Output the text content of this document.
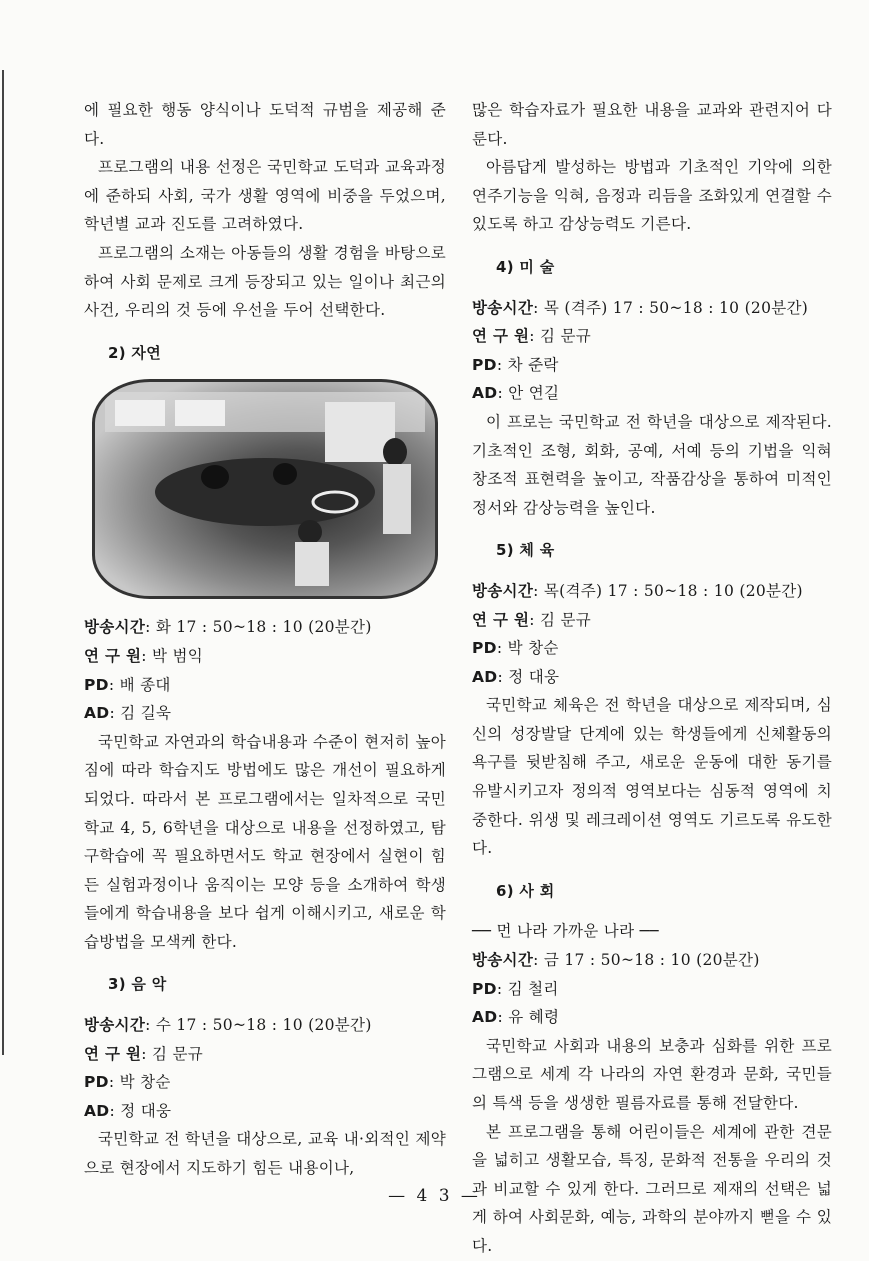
에 필요한 행동 양식이나 도덕적 규범을 제공해 준다.

프로그램의 내용 선정은 국민학교 도덕과 교육과정에 준하되 사회, 국가 생활 영역에 비중을 두었으며, 학년별 교과 진도를 고려하였다.

프로그램의 소재는 아동들의 생활 경험을 바탕으로 하여 사회 문제로 크게 등장되고 있는 일이나 최근의 사건, 우리의 것 등에 우선을 두어 선택한다.

2) 자연

방송시간: 화 17 : 50~18 : 10 (20분간)

연 구 원: 박 범익

PD: 배 종대

AD: 김 길욱

국민학교 자연과의 학습내용과 수준이 현저히 높아짐에 따라 학습지도 방법에도 많은 개선이 필요하게 되었다. 따라서 본 프로그램에서는 일차적으로 국민학교 4, 5, 6학년을 대상으로 내용을 선정하였고, 탐구학습에 꼭 필요하면서도 학교 현장에서 실현이 힘든 실험과정이나 움직이는 모양 등을 소개하여 학생들에게 학습내용을 보다 쉽게 이해시키고, 새로운 학습방법을 모색케 한다.

3) 음 악

방송시간: 수 17 : 50~18 : 10 (20분간)

연 구 원: 김 문규

PD: 박 창순

AD: 정 대웅

국민학교 전 학년을 대상으로, 교육 내·외적인 제약으로 현장에서 지도하기 힘든 내용이나,

많은 학습자료가 필요한 내용을 교과와 관련지어 다룬다.

아름답게 발성하는 방법과 기초적인 기악에 의한 연주기능을 익혀, 음정과 리듬을 조화있게 연결할 수 있도록 하고 감상능력도 기른다.

4) 미 술

방송시간: 목 (격주) 17 : 50~18 : 10 (20분간)

연 구 원: 김 문규

PD: 차 준락

AD: 안 연길

이 프로는 국민학교 전 학년을 대상으로 제작된다. 기초적인 조형, 회화, 공예, 서예 등의 기법을 익혀 창조적 표현력을 높이고, 작품감상을 통하여 미적인 정서와 감상능력을 높인다.

5) 체 육

방송시간: 목(격주) 17 : 50~18 : 10 (20분간)

연 구 원: 김 문규

PD: 박 창순

AD: 정 대웅

국민학교 체육은 전 학년을 대상으로 제작되며, 심신의 성장발달 단계에 있는 학생들에게 신체활동의 욕구를 뒷받침해 주고, 새로운 운동에 대한 동기를 유발시키고자 정의적 영역보다는 심동적 영역에 치중한다. 위생 및 레크레이션 영역도 기르도록 유도한다.

6) 사 회

── 먼 나라 가까운 나라 ──

방송시간: 금 17 : 50~18 : 10 (20분간)

PD: 김 철리

AD: 유 혜령

국민학교 사회과 내용의 보충과 심화를 위한 프로그램으로 세계 각 나라의 자연 환경과 문화, 국민들의 특색 등을 생생한 필름자료를 통해 전달한다.

본 프로그램을 통해 어린이들은 세계에 관한 견문을 넓히고 생활모습, 특징, 문화적 전통을 우리의 것과 비교할 수 있게 한다. 그러므로 제재의 선택은 넓게 하여 사회문화, 예능, 과학의 분야까지 뻗을 수 있다.

— 4 3 —
